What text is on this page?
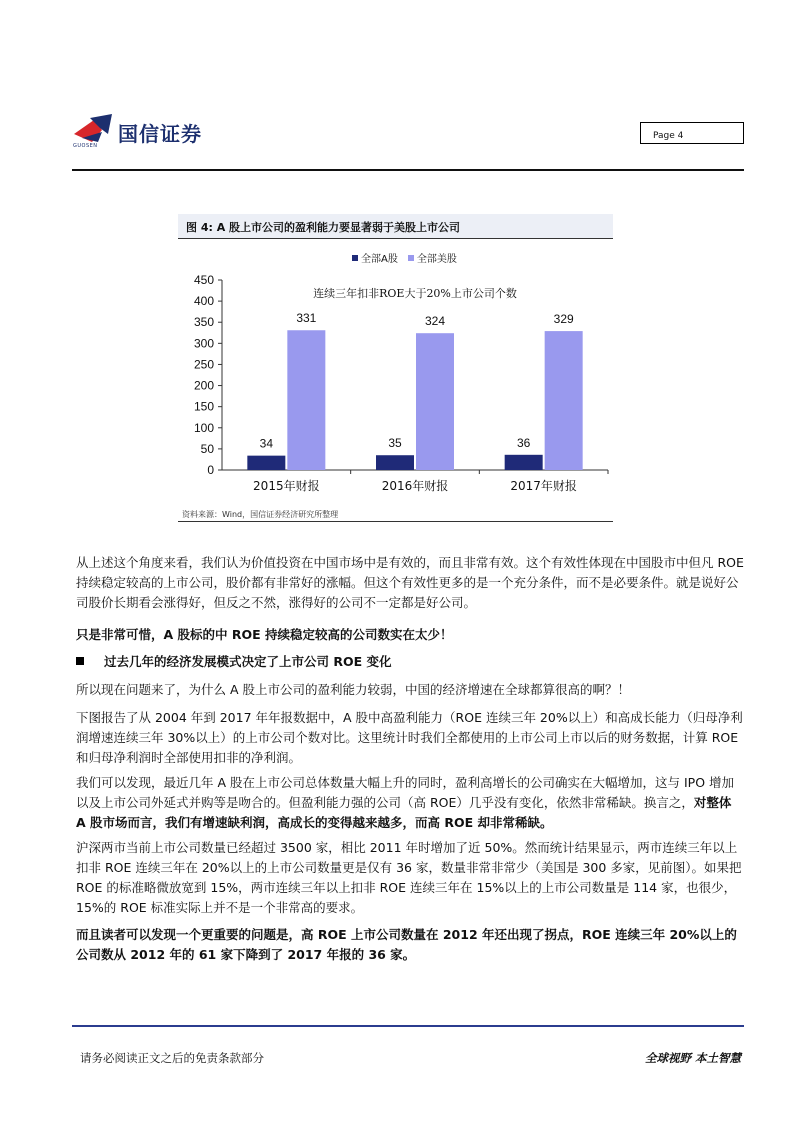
国信证券
GUOSEN
Page 4
图 4: A 股上市公司的盈利能力要显著弱于美股上市公司
全部A股 全部美股
0
50
100
150
200
250
300
350
400
450
连续三年扣非ROE大于20%上市公司个数
34
331
2015年财报
35
324
2016年财报
36
329
2017年财报
资料来源：Wind，国信证券经济研究所整理

从上述这个角度来看，我们认为价值投资在中国市场中是有效的，而且非常有效。这个有效性体现在中国股市中但凡 ROE 持续稳定较高的上市公司，股价都有非常好的涨幅。但这个有效性更多的是一个充分条件，而不是必要条件。就是说好公司股价长期看会涨得好，但反之不然，涨得好的公司不一定都是好公司。

只是非常可惜，A 股标的中 ROE 持续稳定较高的公司数实在太少！

过去几年的经济发展模式决定了上市公司 ROE 变化

所以现在问题来了，为什么 A 股上市公司的盈利能力较弱，中国的经济增速在全球都算很高的啊？！

下图报告了从 2004 年到 2017 年年报数据中，A 股中高盈利能力（ROE 连续三年 20%以上）和高成长能力（归母净利润增速连续三年 30%以上）的上市公司个数对比。这里统计时我们全都使用的上市公司上市以后的财务数据，计算 ROE 和归母净利润时全部使用扣非的净利润。

我们可以发现，最近几年 A 股在上市公司总体数量大幅上升的同时，盈利高增长的公司确实在大幅增加，这与 IPO 增加以及上市公司外延式并购等是吻合的。但盈利能力强的公司（高 ROE）几乎没有变化，依然非常稀缺。换言之，对整体 A 股市场而言，我们有增速缺利润，高成长的变得越来越多，而高 ROE 却非常稀缺。

沪深两市当前上市公司数量已经超过 3500 家，相比 2011 年时增加了近 50%。然而统计结果显示，两市连续三年以上扣非 ROE 连续三年在 20%以上的上市公司数量更是仅有 36 家，数量非常非常少（美国是 300 多家，见前图）。如果把 ROE 的标准略微放宽到 15%，两市连续三年以上扣非 ROE 连续三年在 15%以上的上市公司数量是 114 家，也很少，15%的 ROE 标准实际上并不是一个非常高的要求。

而且读者可以发现一个更重要的问题是，高 ROE 上市公司数量在 2012 年还出现了拐点，ROE 连续三年 20%以上的公司数从 2012 年的 61 家下降到了 2017 年报的 36 家。

请务必阅读正文之后的免责条款部分	全球视野 本土智慧
